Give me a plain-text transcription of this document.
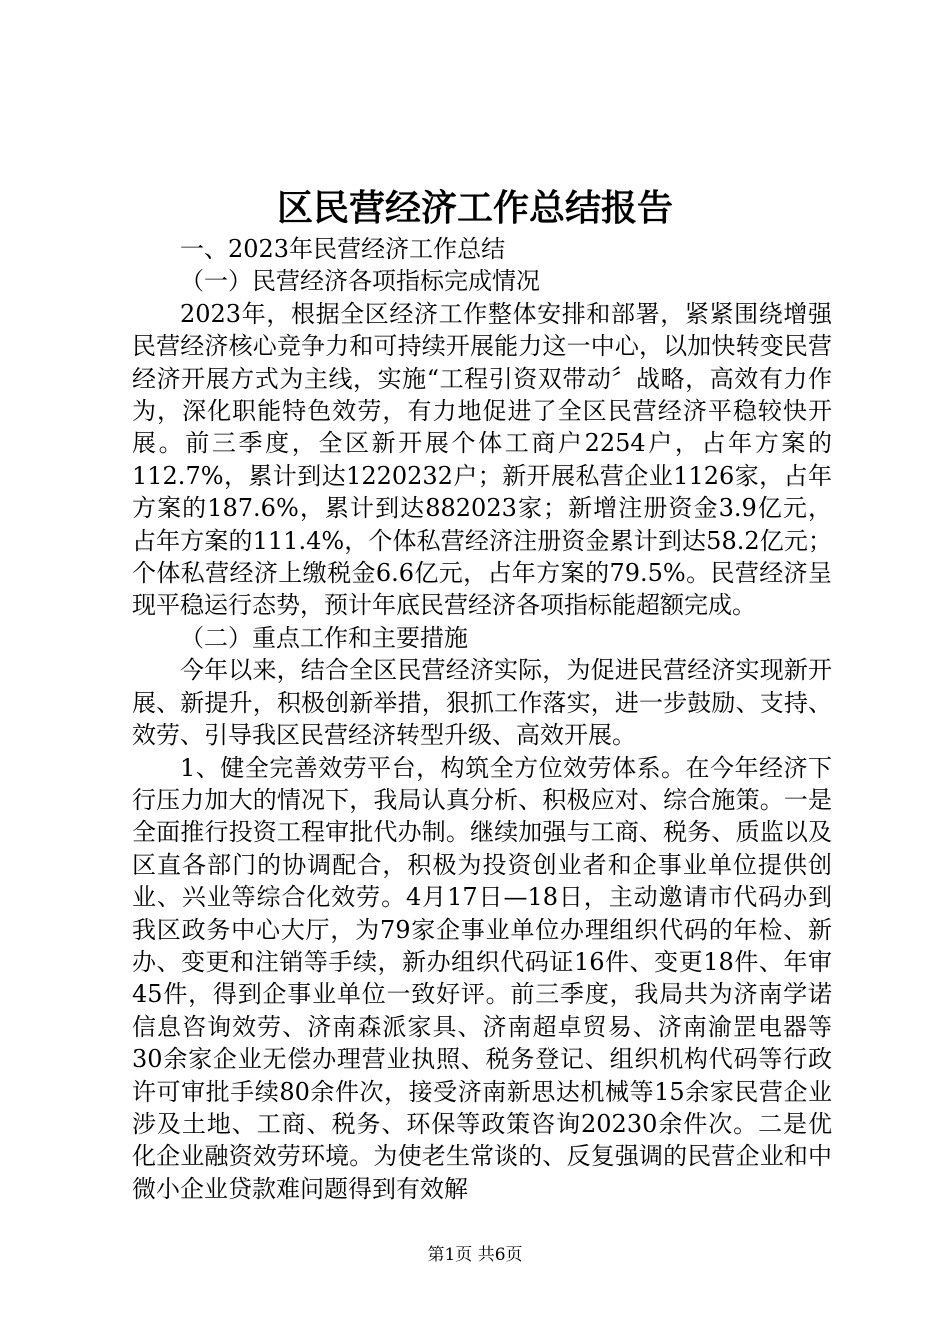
区民营经济工作总结报告

一、2023年民营经济工作总结

（一）民营经济各项指标完成情况

2023年，根据全区经济工作整体安排和部署，紧紧围绕增强民营经济核心竞争力和可持续开展能力这一中心，以加快转变民营经济开展方式为主线，实施“工程引资双带动〞战略，高效有力作为，深化职能特色效劳，有力地促进了全区民营经济平稳较快开展。前三季度，全区新开展个体工商户2254户，占年方案的112.7%，累计到达1220232户；新开展私营企业1126家，占年方案的187.6%，累计到达882023家；新增注册资金3.9亿元，占年方案的111.4%，个体私营经济注册资金累计到达58.2亿元；个体私营经济上缴税金6.6亿元，占年方案的79.5%。民营经济呈现平稳运行态势，预计年底民营经济各项指标能超额完成。

（二）重点工作和主要措施

今年以来，结合全区民营经济实际，为促进民营经济实现新开展、新提升，积极创新举措，狠抓工作落实，进一步鼓励、支持、效劳、引导我区民营经济转型升级、高效开展。

1、健全完善效劳平台，构筑全方位效劳体系。在今年经济下行压力加大的情况下，我局认真分析、积极应对、综合施策。一是全面推行投资工程审批代办制。继续加强与工商、税务、质监以及区直各部门的协调配合，积极为投资创业者和企事业单位提供创业、兴业等综合化效劳。4月17日—18日，主动邀请市代码办到我区政务中心大厅，为79家企事业单位办理组织代码的年检、新办、变更和注销等手续，新办组织代码证16件、变更18件、年审45件，得到企事业单位一致好评。前三季度，我局共为济南学诺信息咨询效劳、济南森派家具、济南超卓贸易、济南渝罡电器等30余家企业无偿办理营业执照、税务登记、组织机构代码等行政许可审批手续80余件次，接受济南新思达机械等15余家民营企业涉及土地、工商、税务、环保等政策咨询20230余件次。二是优化企业融资效劳环境。为使老生常谈的、反复强调的民营企业和中微小企业贷款难问题得到有效解

第1页 共6页
